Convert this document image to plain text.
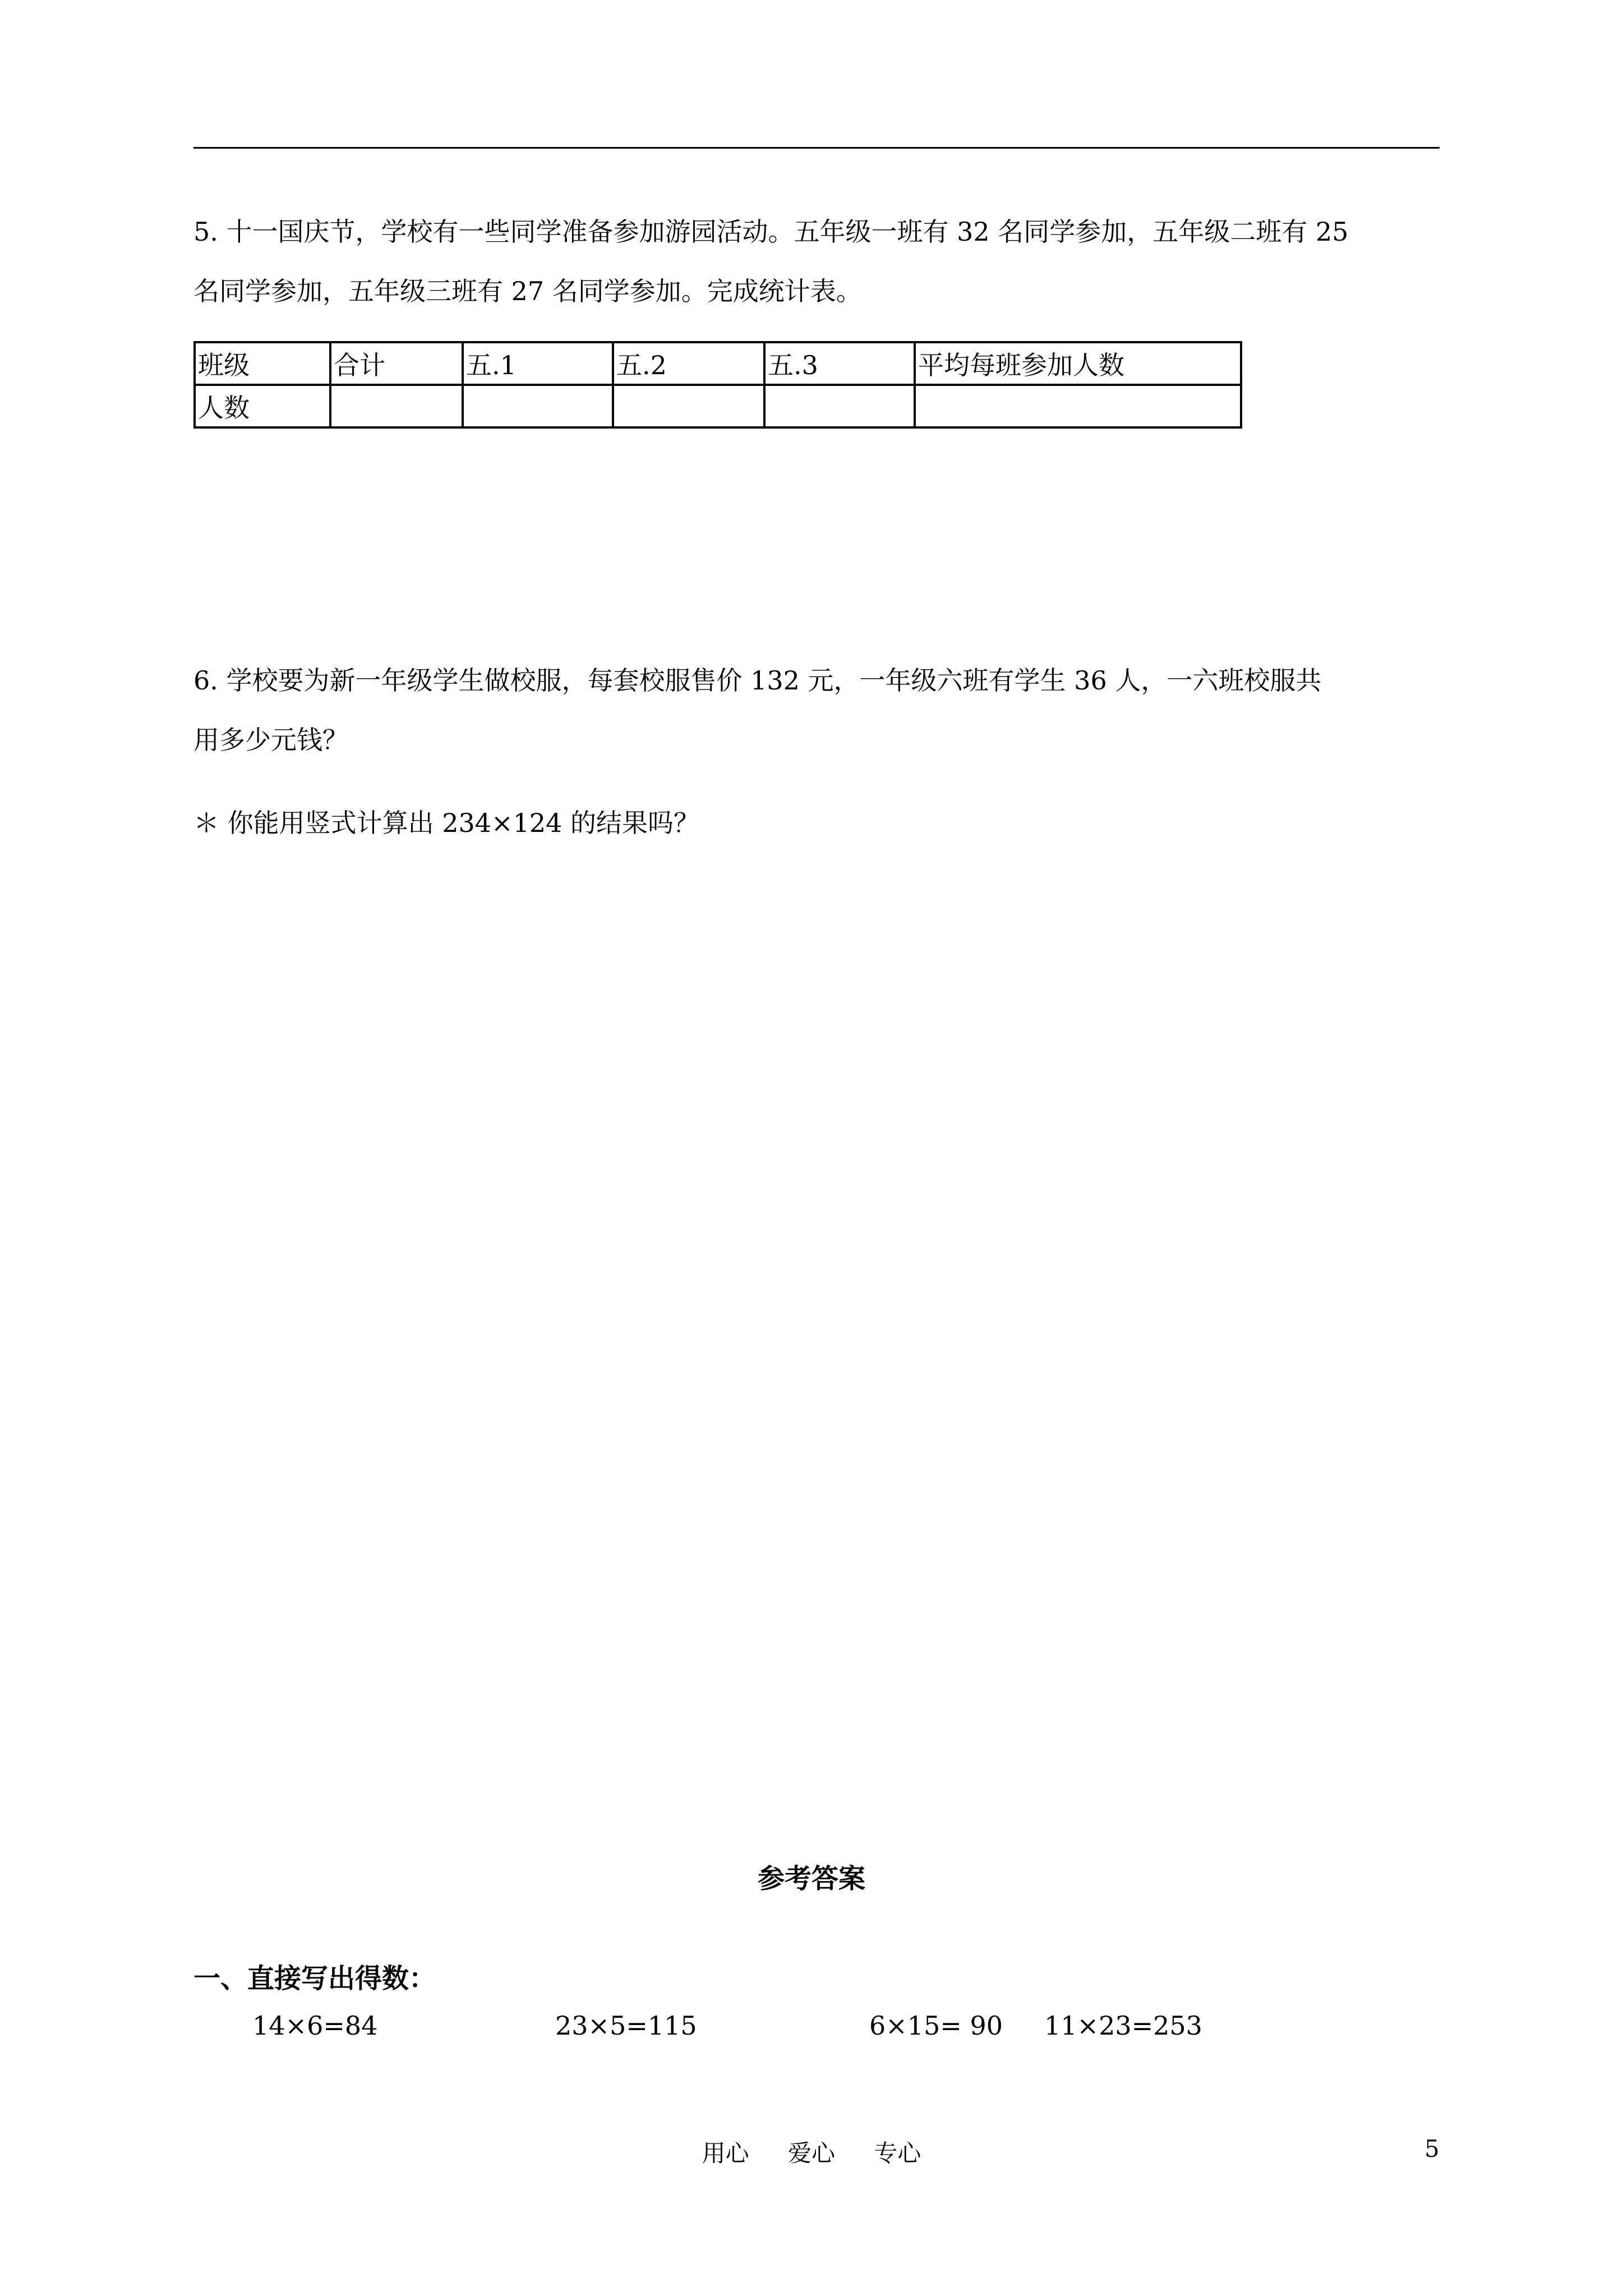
5. 十一国庆节，学校有一些同学准备参加游园活动。五年级一班有 32 名同学参加，五年级二班有 25
名同学参加，五年级三班有 27 名同学参加。完成统计表。
班级	合计	五.1	五.2	五.3	平均每班参加人数
人数					
6. 学校要为新一年级学生做校服，每套校服售价 132 元，一年级六班有学生 36 人，一六班校服共
用多少元钱？
＊ 你能用竖式计算出 234×124 的结果吗？
参考答案
一、直接写出得数：
14×6=84	23×5=115	6×15= 90 11×23=253
用心 爱心 专心	5
